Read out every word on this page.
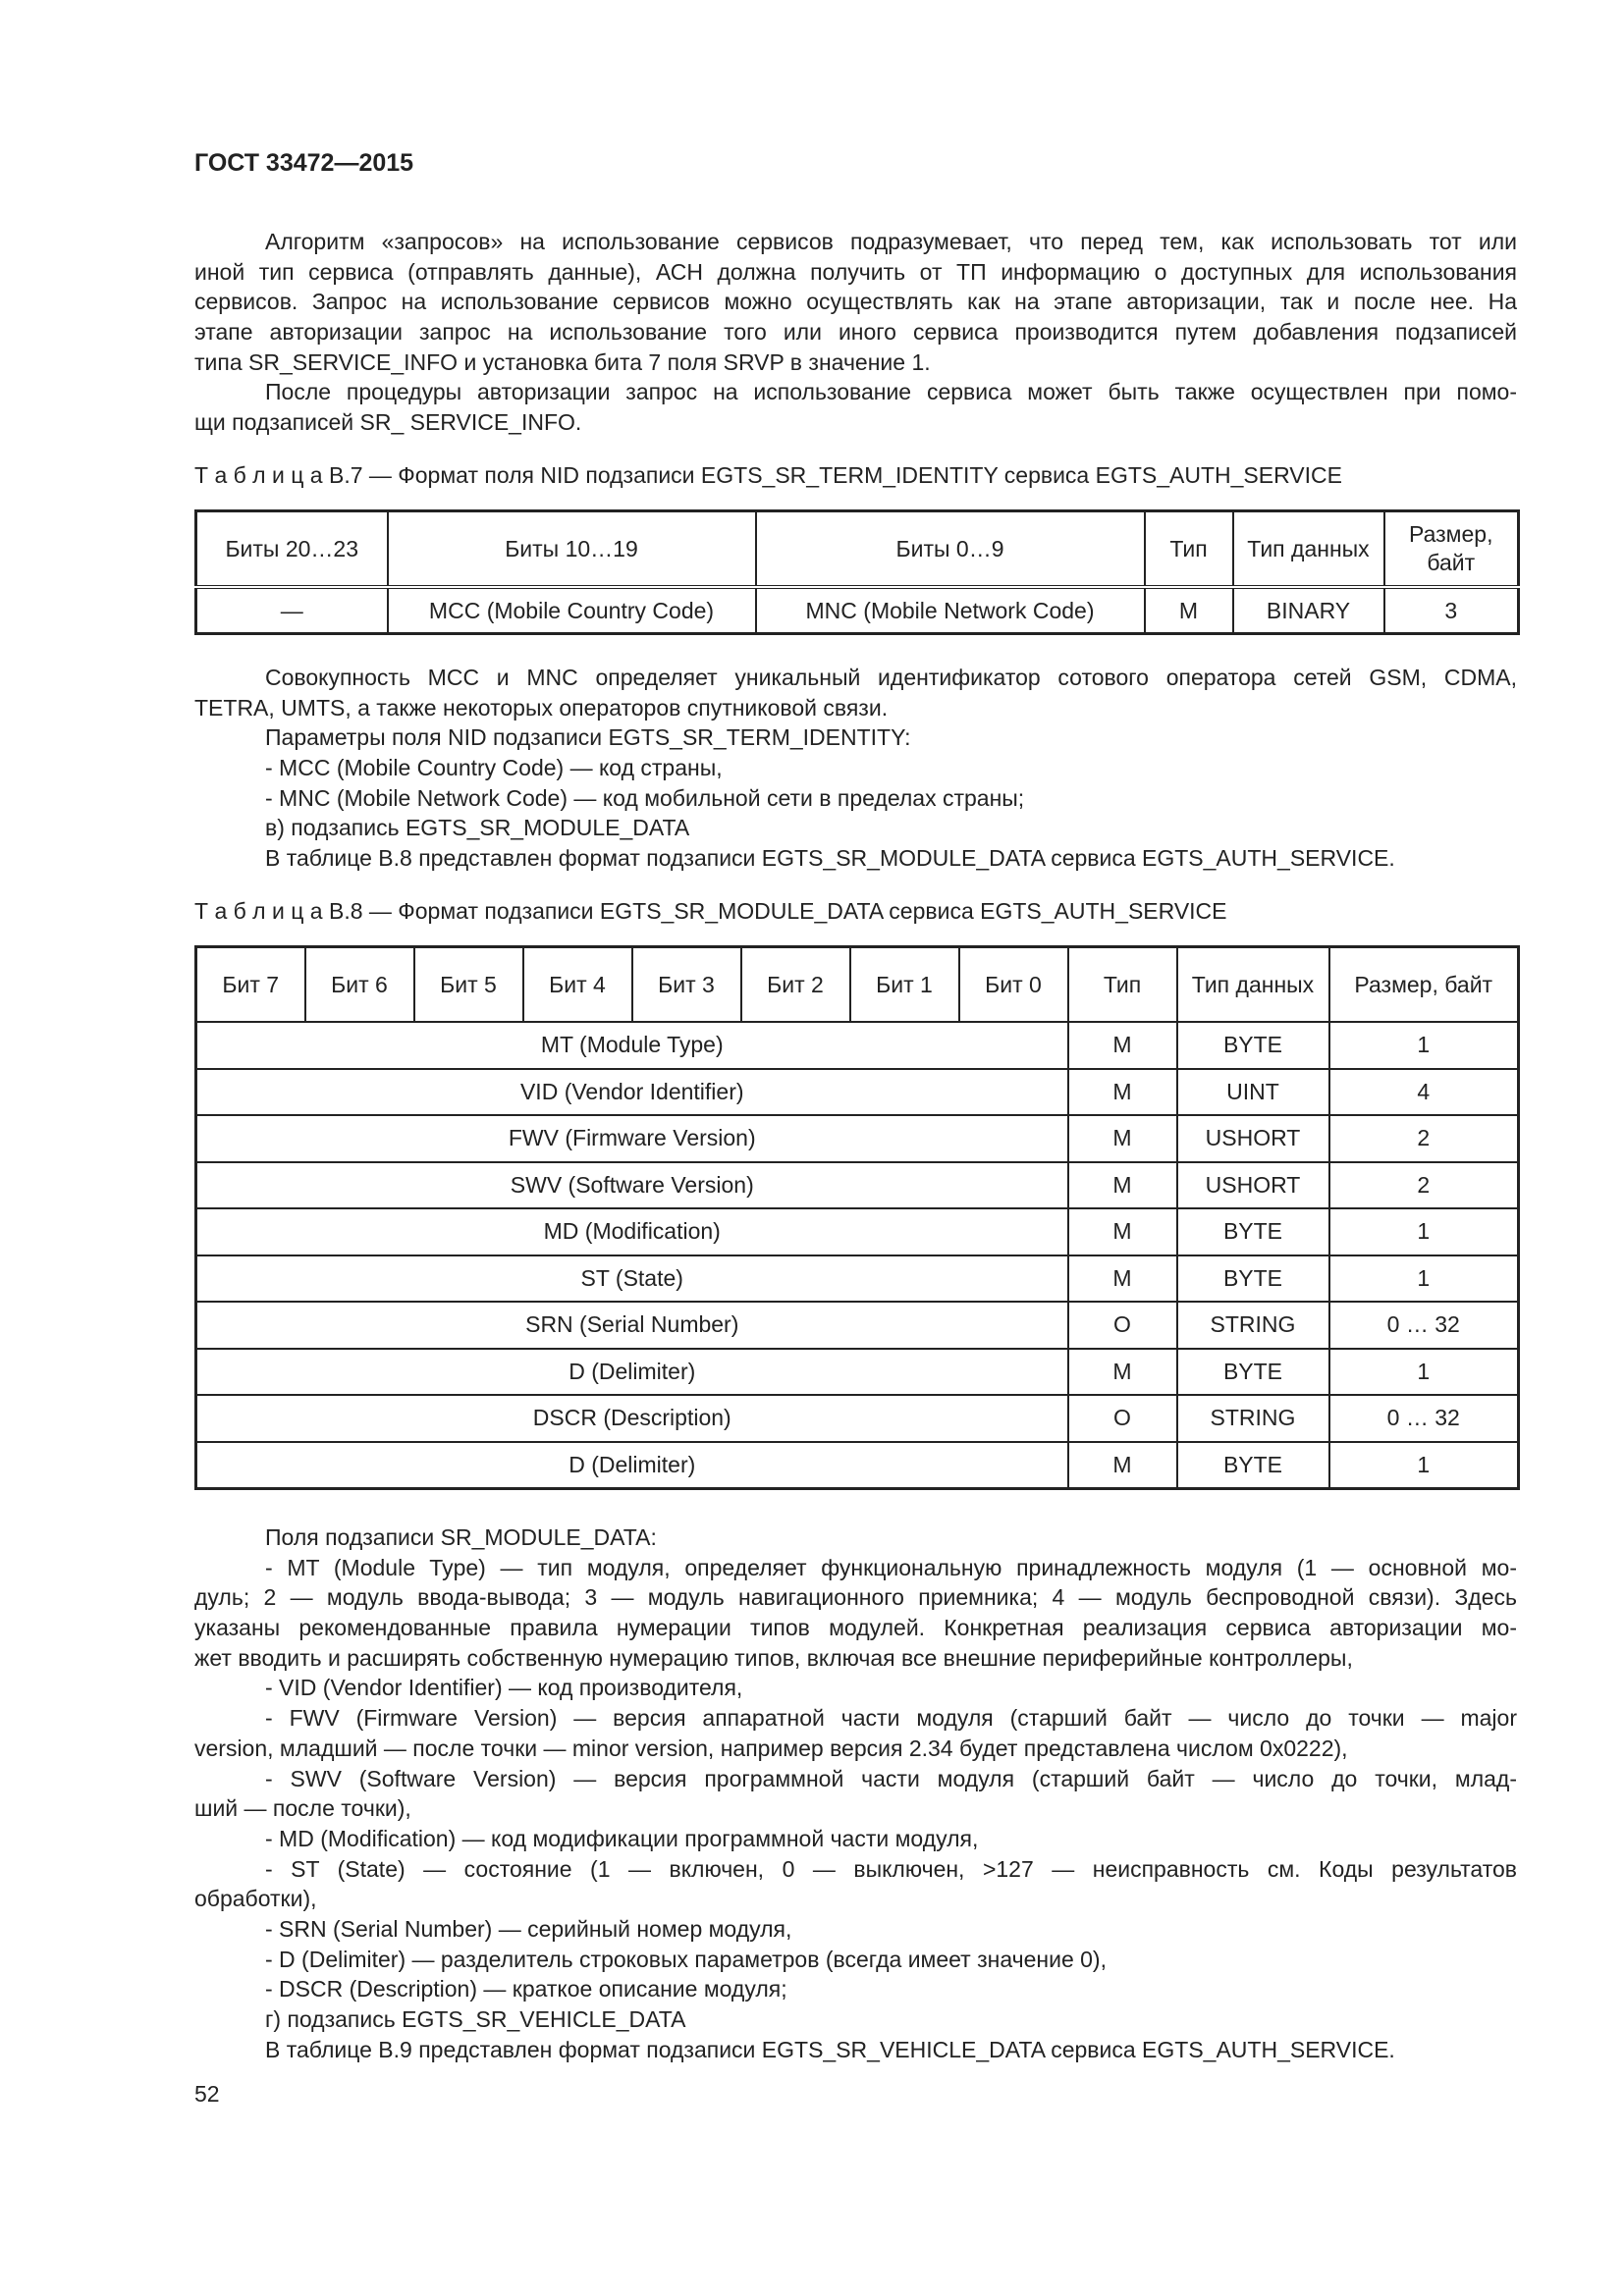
ГОСТ 33472—2015
Алгоритм «запросов» на использование сервисов подразумевает, что перед тем, как использовать тот или
иной тип сервиса (отправлять данные), АСН должна получить от ТП информацию о доступных для использования
сервисов. Запрос на использование сервисов можно осуществлять как на этапе авторизации, так и после нее. На
этапе авторизации запрос на использование того или иного сервиса производится путем добавления подзаписей
типа SR_SERVICE_INFO и установка бита 7 поля SRVP в значение 1.
После процедуры авторизации запрос на использование сервиса может быть также осуществлен при помо-
щи подзаписей SR_ SERVICE_INFO.
Т а б л и ц а В.7 — Формат поля NID подзаписи EGTS_SR_TERM_IDENTITY сервиса EGTS_AUTH_SERVICE
Биты 20…23	Биты 10…19	Биты 0…9	Тип	Тип данных	Размер, байт
—	MCC (Mobile Country Code)	MNC (Mobile Network Code)	M	BINARY	3
Совокупность MCC и MNC определяет уникальный идентификатор сотового оператора сетей GSM, CDMA,
TETRA, UMTS, а также некоторых операторов спутниковой связи.
Параметры поля NID подзаписи EGTS_SR_TERM_IDENTITY:
- MCC (Mobile Country Code) — код страны,
- MNC (Mobile Network Code) — код мобильной сети в пределах страны;
в) подзапись EGTS_SR_MODULE_DATA
В таблице В.8 представлен формат подзаписи EGTS_SR_MODULE_DATA сервиса EGTS_AUTH_SERVICE.
Т а б л и ц а В.8 — Формат подзаписи EGTS_SR_MODULE_DATA сервиса EGTS_AUTH_SERVICE
Бит 7	Бит 6	Бит 5	Бит 4	Бит 3	Бит 2	Бит 1	Бит 0	Тип	Тип данных	Размер, байт
MT (Module Type)								M	BYTE	1
VID (Vendor Identifier)								M	UINT	4
FWV (Firmware Version)								M	USHORT	2
SWV (Software Version)								M	USHORT	2
MD (Modification)								M	BYTE	1
ST (State)								M	BYTE	1
SRN (Serial Number)								O	STRING	0 … 32
D (Delimiter)								M	BYTE	1
DSCR (Description)								O	STRING	0 … 32
D (Delimiter)								M	BYTE	1
Поля подзаписи SR_MODULE_DATA:
- MT (Module Type) — тип модуля, определяет функциональную принадлежность модуля (1 — основной мо-
дуль; 2 — модуль ввода-вывода; 3 — модуль навигационного приемника; 4 — модуль беспроводной связи). Здесь
указаны рекомендованные правила нумерации типов модулей. Конкретная реализация сервиса авторизации мо-
жет вводить и расширять собственную нумерацию типов, включая все внешние периферийные контроллеры,
- VID (Vendor Identifier) — код производителя,
- FWV (Firmware Version) — версия аппаратной части модуля (старший байт — число до точки — major
version, младший — после точки — minor version, например версия 2.34 будет представлена числом 0x0222),
- SWV (Software Version) — версия программной части модуля (старший байт — число до точки, млад-
ший — после точки),
- MD (Modification) — код модификации программной части модуля,
- ST (State) — состояние (1 — включен, 0 — выключен, >127 — неисправность см. Коды результатов
обработки),
- SRN (Serial Number) — серийный номер модуля,
- D (Delimiter) — разделитель строковых параметров (всегда имеет значение 0),
- DSCR (Description) — краткое описание модуля;
г) подзапись EGTS_SR_VEHICLE_DATA
В таблице В.9 представлен формат подзаписи EGTS_SR_VEHICLE_DATA сервиса EGTS_AUTH_SERVICE.
52
